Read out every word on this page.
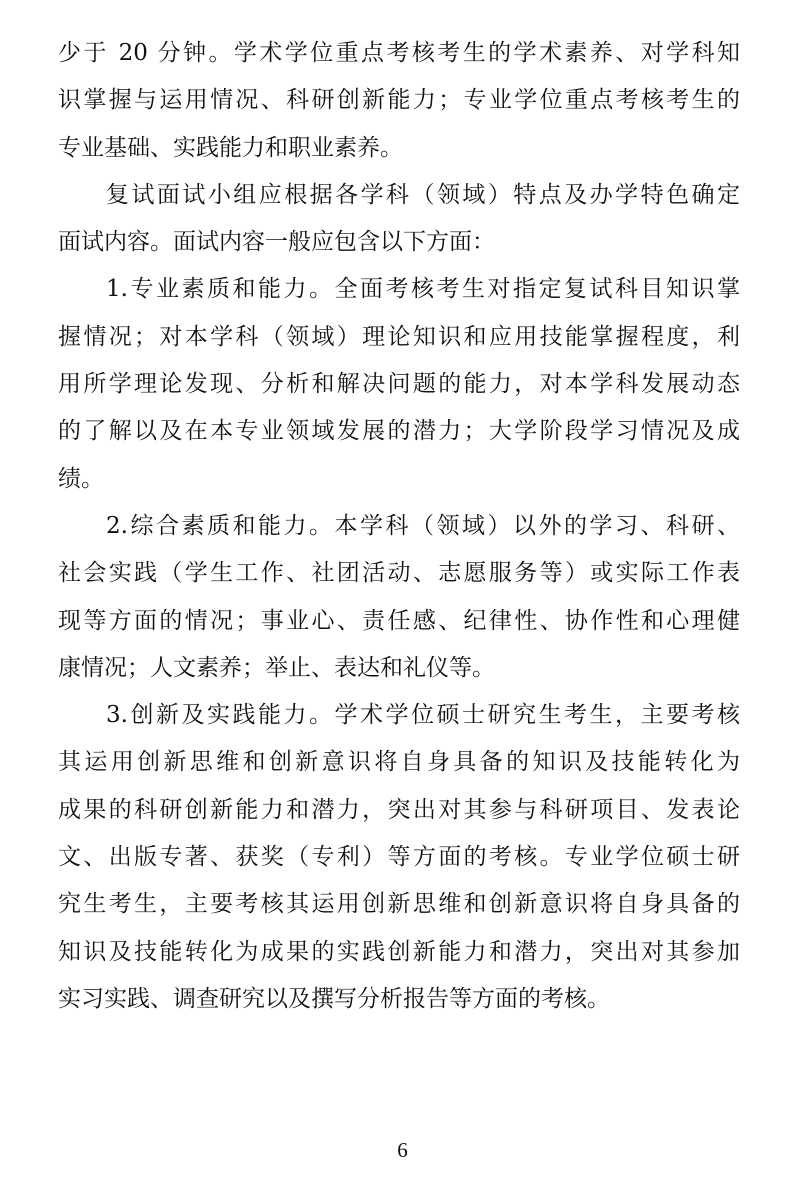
少于 20 分钟。学术学位重点考核考生的学术素养、对学科知
识掌握与运用情况、科研创新能力；专业学位重点考核考生的
专业基础、实践能力和职业素养。
复试面试小组应根据各学科（领域）特点及办学特色确定
面试内容。面试内容一般应包含以下方面：
1.专业素质和能力。全面考核考生对指定复试科目知识掌
握情况；对本学科（领域）理论知识和应用技能掌握程度，利
用所学理论发现、分析和解决问题的能力，对本学科发展动态
的了解以及在本专业领域发展的潜力；大学阶段学习情况及成
绩。
2.综合素质和能力。本学科（领域）以外的学习、科研、
社会实践（学生工作、社团活动、志愿服务等）或实际工作表
现等方面的情况；事业心、责任感、纪律性、协作性和心理健
康情况；人文素养；举止、表达和礼仪等。
3.创新及实践能力。学术学位硕士研究生考生，主要考核
其运用创新思维和创新意识将自身具备的知识及技能转化为
成果的科研创新能力和潜力，突出对其参与科研项目、发表论
文、出版专著、获奖（专利）等方面的考核。专业学位硕士研
究生考生，主要考核其运用创新思维和创新意识将自身具备的
知识及技能转化为成果的实践创新能力和潜力，突出对其参加
实习实践、调查研究以及撰写分析报告等方面的考核。
6
